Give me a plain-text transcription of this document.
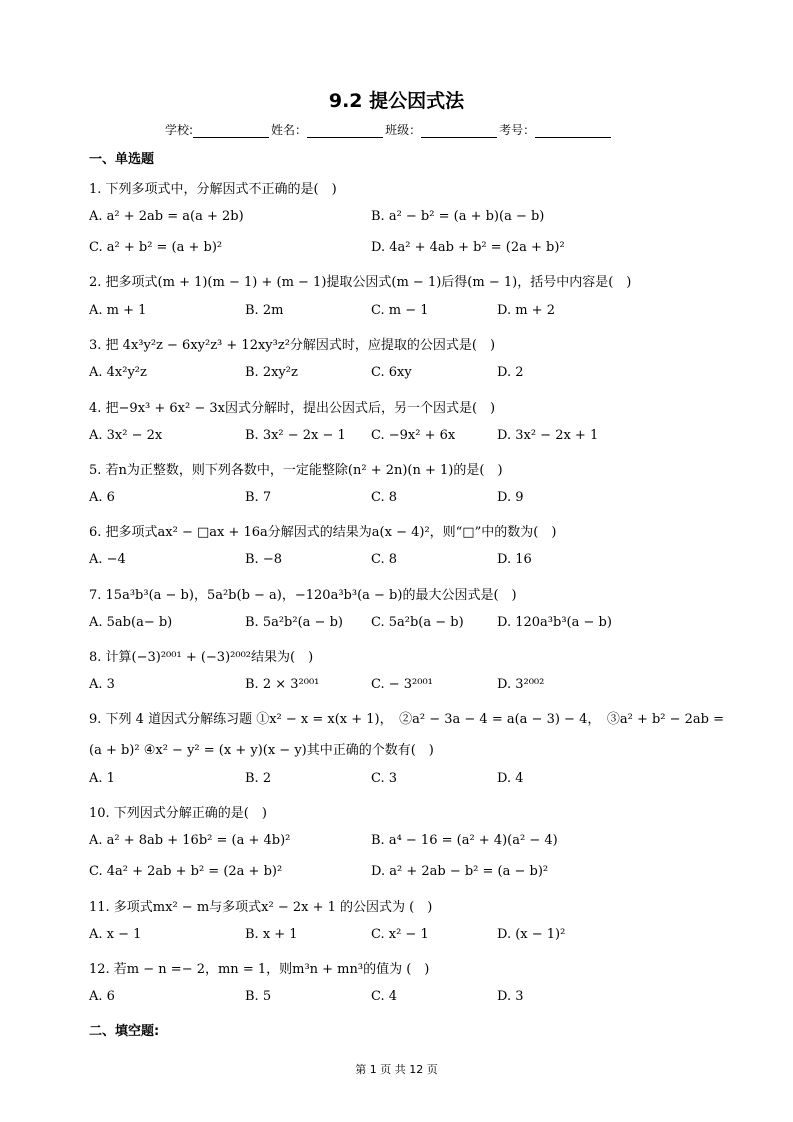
9.2 提公因式法
学校:	姓名：	班级：	考号：
一、单选题
1. 下列多项式中，分解因式不正确的是(　)
A. a² + 2ab = a(a + 2b)	B. a² − b² = (a + b)(a − b)
C. a² + b² = (a + b)²	D. 4a² + 4ab + b² = (2a + b)²
2. 把多项式(m + 1)(m − 1) + (m − 1)提取公因式(m − 1)后得(m − 1)，括号中内容是(　)
A. m + 1	B. 2m	C. m − 1	D. m + 2
3. 把 4x³y²z − 6xy²z³ + 12xy³z²分解因式时，应提取的公因式是(　)
A. 4x²y²z	B. 2xy²z	C. 6xy	D. 2
4. 把−9x³ + 6x² − 3x因式分解时，提出公因式后，另一个因式是(　)
A. 3x² − 2x	B. 3x² − 2x − 1 C. −9x² + 6x	D. 3x² − 2x + 1
5. 若n为正整数，则下列各数中，一定能整除(n² + 2n)(n + 1)的是(　)
A. 6	B. 7	C. 8	D. 9
6. 把多项式ax² − □ax + 16a分解因式的结果为a(x − 4)²，则“□”中的数为(　)
A. −4	B. −8	C. 8	D. 16
7. 15a³b³(a − b)，5a²b(b − a)，−120a³b³(a − b)的最大公因式是(　)
A. 5ab(a− b)	B. 5a²b²(a − b) C. 5a²b(a − b)	D. 120a³b³(a − b)
8. 计算(−3)²⁰⁰¹ + (−3)²⁰⁰²结果为(　)
A. 3	B. 2 × 3²⁰⁰¹	C. − 3²⁰⁰¹	D. 3²⁰⁰²
9. 下列 4 道因式分解练习题 ①x² − x = x(x + 1)，　②a² − 3a − 4 = a(a − 3) − 4，　③a² + b² − 2ab =
(a + b)² ④x² − y² = (x + y)(x − y)其中正确的个数有(　)
A. 1	B. 2	C. 3	D. 4
10. 下列因式分解正确的是(　)
A. a² + 8ab + 16b² = (a + 4b)²	B. a⁴ − 16 = (a² + 4)(a² − 4)
C. 4a² + 2ab + b² = (2a + b)²	D. a² + 2ab − b² = (a − b)²
11. 多项式mx² − m与多项式x² − 2x + 1 的公因式为 (　)
A. x − 1	B. x + 1	C. x² − 1	D. (x − 1)²
12. 若m − n =− 2，mn = 1，则m³n + mn³的值为 (　)
A. 6	B. 5	C. 4	D. 3
二、填空题:
第 1 页 共 12 页
